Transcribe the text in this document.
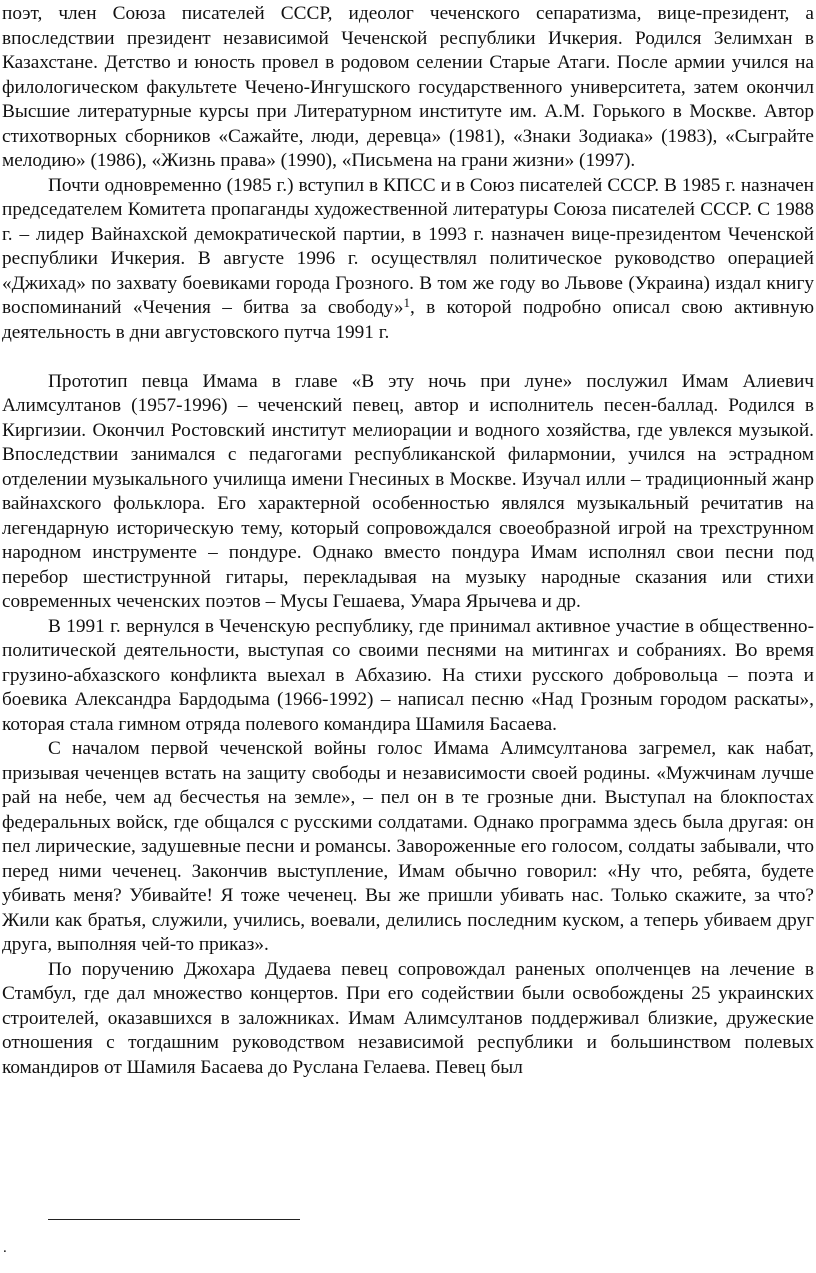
поэт, член Союза писателей СССР, идеолог чеченского сепаратизма, вице-президент, а впоследствии президент независимой Чеченской республики Ичкерия. Родился Зелимхан в Казахстане. Детство и юность провел в родовом селении Старые Атаги. После армии учился на филологическом факультете Чечено-Ингушского государственного университета, затем окончил Высшие литературные курсы при Литературном институте им. А.М. Горького в Москве. Автор стихотворных сборников «Сажайте, люди, деревца» (1981), «Знаки Зодиака» (1983), «Сыграйте мелодию» (1986), «Жизнь права» (1990), «Письмена на грани жизни» (1997).

Почти одновременно (1985 г.) вступил в КПСС и в Союз писателей СССР. В 1985 г. назначен председателем Комитета пропаганды художественной литературы Союза писателей СССР. С 1988 г. – лидер Вайнахской демократической партии, в 1993 г. назначен вице-президентом Чеченской республики Ичкерия. В августе 1996 г. осуществлял политическое руководство операцией «Джихад» по захвату боевиками города Грозного. В том же году во Львове (Украина) издал книгу воспоминаний «Чечения – битва за свободу»$^1$, в которой подробно описал свою активную деятельность в дни августовского путча 1991 г.

Прототип певца Имама в главе «В эту ночь при луне» послужил Имам Алиевич Алимсултанов (1957-1996) – чеченский певец, автор и исполнитель песен-баллад. Родился в Киргизии. Окончил Ростовский институт мелиорации и водного хозяйства, где увлекся музыкой. Впоследствии занимался с педагогами республиканской филармонии, учился на эстрадном отделении музыкального училища имени Гнесиных в Москве. Изучал илли – традиционный жанр вайнахского фольклора. Его характерной особенностью являлся музыкальный речитатив на легендарную историческую тему, который сопровождался своеобразной игрой на трехструнном народном инструменте – пондуре. Однако вместо пондура Имам исполнял свои песни под перебор шестиструнной гитары, перекладывая на музыку народные сказания или стихи современных чеченских поэтов – Мусы Гешаева, Умара Ярычева и др.

В 1991 г. вернулся в Чеченскую республику, где принимал активное участие в общественно-политической деятельности, выступая со своими песнями на митингах и собраниях. Во время грузино-абхазского конфликта выехал в Абхазию. На стихи русского добровольца – поэта и боевика Александра Бардодыма (1966-1992) – написал песню «Над Грозным городом раскаты», которая стала гимном отряда полевого командира Шамиля Басаева.

С началом первой чеченской войны голос Имама Алимсултанова загремел, как набат, призывая чеченцев встать на защиту свободы и независимости своей родины. «Мужчинам лучше рай на небе, чем ад бесчестья на земле», – пел он в те грозные дни. Выступал на блокпостах федеральных войск, где общался с русскими солдатами. Однако программа здесь была другая: он пел лирические, задушевные песни и романсы. Завороженные его голосом, солдаты забывали, что перед ними чеченец. Закончив выступление, Имам обычно говорил: «Ну что, ребята, будете убивать меня? Убивайте! Я тоже чеченец. Вы же пришли убивать нас. Только скажите, за что? Жили как братья, служили, учились, воевали, делились последним куском, а теперь убиваем друг друга, выполняя чей-то приказ».

По поручению Джохара Дудаева певец сопровождал раненых ополченцев на лечение в Стамбул, где дал множество концертов. При его содействии были освобождены 25 украинских строителей, оказавшихся в заложниках. Имам Алимсултанов поддерживал близкие, дружеские отношения с тогдашним руководством независимой республики и большинством полевых командиров от Шамиля Басаева до Руслана Гелаева. Певец был

.
